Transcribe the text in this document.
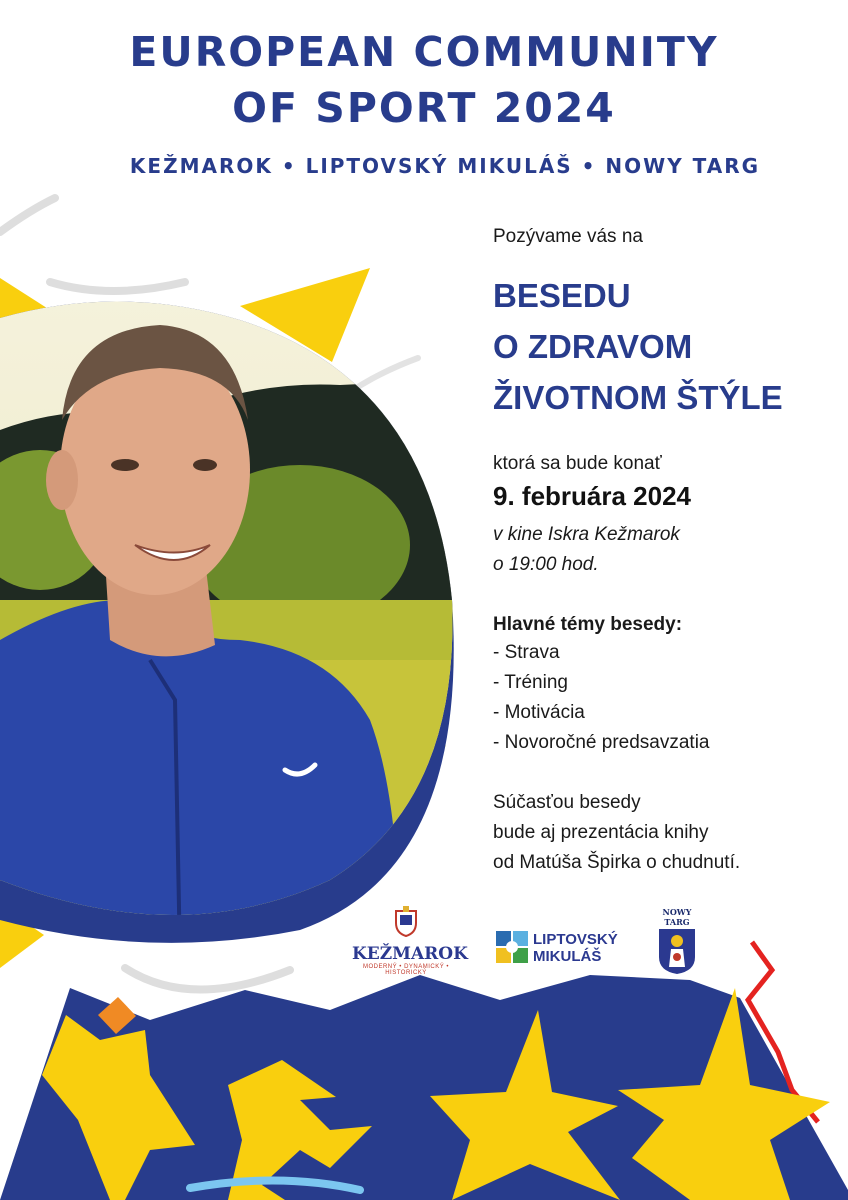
EUROPEAN COMMUNITY
OF SPORT 2024
KEŽMAROK • LIPTOVSKÝ MIKULÁŠ • NOWY TARG

Pozývame vás na

BESEDU
O ZDRAVOM
ŽIVOTNOM ŠTÝLE

ktorá sa bude konať

9. februára 2024

v kine Iskra Kežmarok
o 19:00 hod.

Hlavné témy besedy:

- Strava
- Tréning
- Motivácia
- Novoročné predsavzatia

Súčasťou besedy
bude aj prezentácia knihy
od Matúša Špirka o chudnutí.

KEŽMAROK
MODERNÝ • DYNAMICKÝ • HISTORICKÝ
LIPTOVSKÝ
MIKULÁŠ
NOWY TARG
